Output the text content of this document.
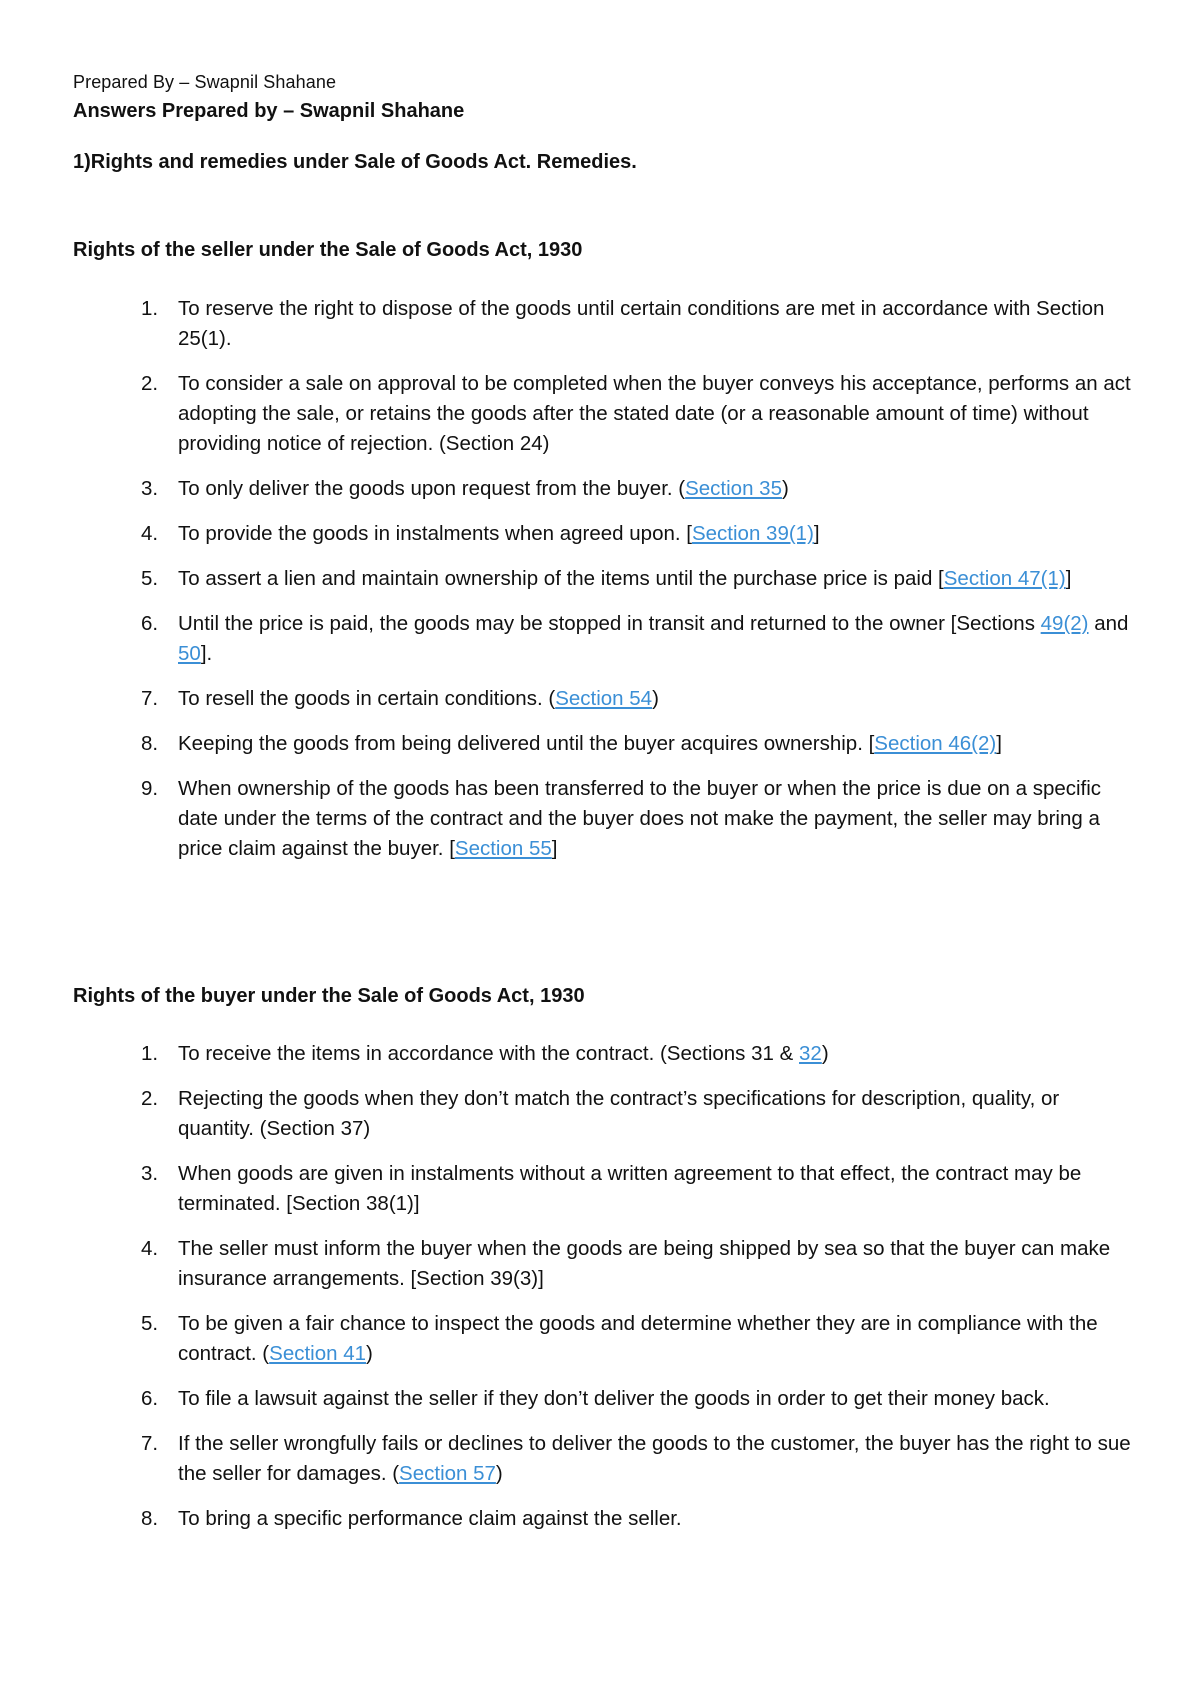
Prepared By – Swapnil Shahane
Answers Prepared by – Swapnil Shahane
1)Rights and remedies under Sale of Goods Act. Remedies.
Rights of the seller under the Sale of Goods Act, 1930
1. To reserve the right to dispose of the goods until certain conditions are met in accordance with Section 25(1).
2. To consider a sale on approval to be completed when the buyer conveys his acceptance, performs an act adopting the sale, or retains the goods after the stated date (or a reasonable amount of time) without providing notice of rejection. (Section 24)
3. To only deliver the goods upon request from the buyer. (Section 35)
4. To provide the goods in instalments when agreed upon. [Section 39(1)]
5. To assert a lien and maintain ownership of the items until the purchase price is paid [Section 47(1)]
6. Until the price is paid, the goods may be stopped in transit and returned to the owner [Sections 49(2) and 50].
7. To resell the goods in certain conditions. (Section 54)
8. Keeping the goods from being delivered until the buyer acquires ownership. [Section 46(2)]
9. When ownership of the goods has been transferred to the buyer or when the price is due on a specific date under the terms of the contract and the buyer does not make the payment, the seller may bring a price claim against the buyer. [Section 55]
Rights of the buyer under the Sale of Goods Act, 1930
1. To receive the items in accordance with the contract. (Sections 31 & 32)
2. Rejecting the goods when they don’t match the contract’s specifications for description, quality, or quantity. (Section 37)
3. When goods are given in instalments without a written agreement to that effect, the contract may be terminated. [Section 38(1)]
4. The seller must inform the buyer when the goods are being shipped by sea so that the buyer can make insurance arrangements. [Section 39(3)]
5. To be given a fair chance to inspect the goods and determine whether they are in compliance with the contract. (Section 41)
6. To file a lawsuit against the seller if they don’t deliver the goods in order to get their money back.
7. If the seller wrongfully fails or declines to deliver the goods to the customer, the buyer has the right to sue the seller for damages. (Section 57)
8. To bring a specific performance claim against the seller.
